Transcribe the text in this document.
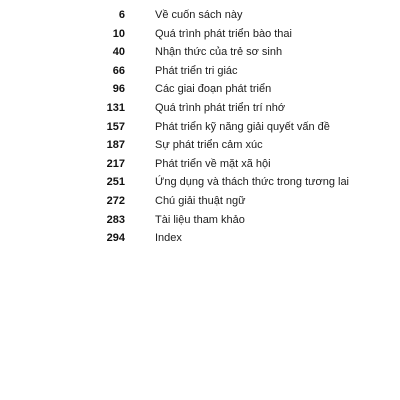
6	Về cuốn sách này
10	Quá trình phát triển bào thai
40	Nhận thức của trẻ sơ sinh
66	Phát triển tri giác
96	Các giai đoạn phát triển
131	Quá trình phát triển trí nhớ
157	Phát triển kỹ năng giải quyết vấn đề
187	Sự phát triển cảm xúc
217	Phát triển về mặt xã hội
251	Ứng dụng và thách thức trong tương lai
272	Chú giải thuật ngữ
283	Tài liệu tham khảo
294	Index
